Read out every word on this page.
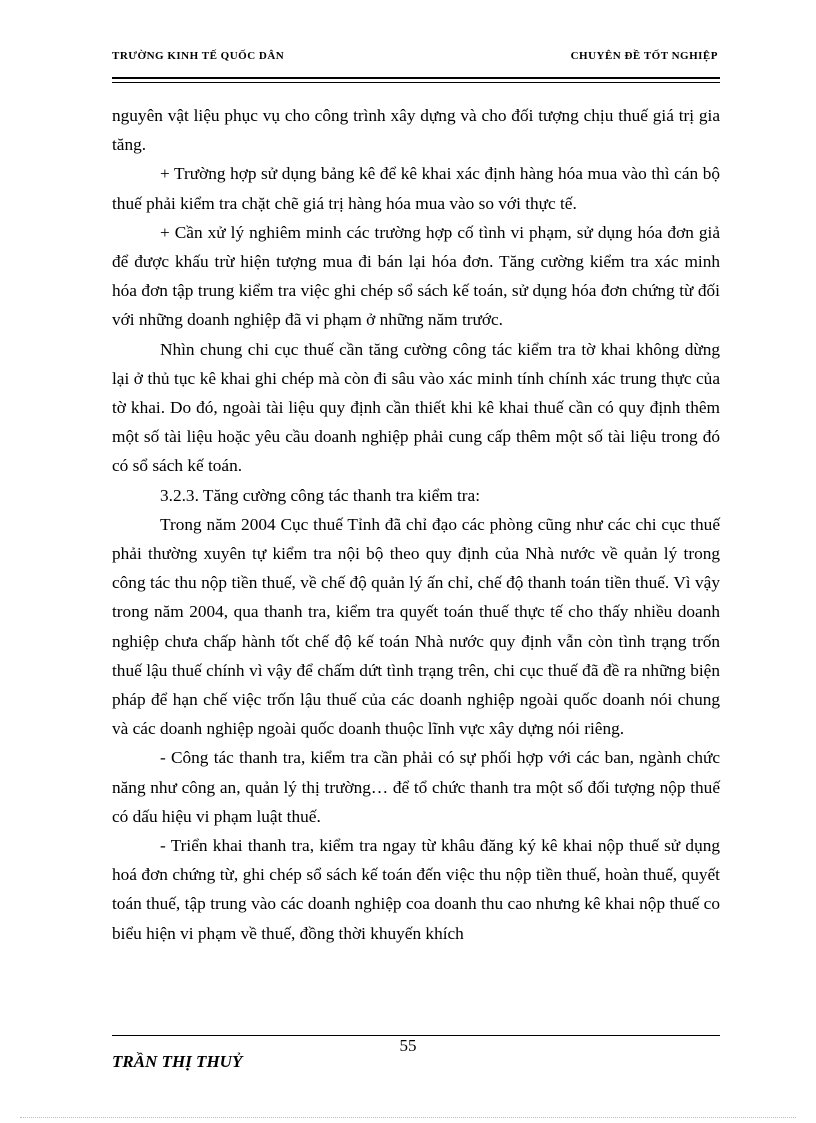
TRƯỜNG KINH TẾ QUỐC DÂN	CHUYÊN ĐỀ TỐT NGHIỆP

nguyên vật liệu phục vụ cho công trình xây dựng và cho đối tượng chịu thuế giá trị gia tăng.

+ Trường hợp sử dụng bảng kê để kê khai xác định hàng hóa mua vào thì cán bộ thuế phải kiểm tra chặt chẽ giá trị hàng hóa mua vào so với thực tế.

+ Cần xử lý nghiêm minh các trường hợp cố tình vi phạm, sử dụng hóa đơn giả để được khấu trừ hiện tượng mua đi bán lại hóa đơn. Tăng cường kiểm tra xác minh hóa đơn tập trung kiểm tra việc ghi chép sổ sách kế toán, sử dụng hóa đơn chứng từ đối với những doanh nghiệp đã vi phạm ở những năm trước.

Nhìn chung chi cục thuế cần tăng cường công tác kiểm tra tờ khai không dừng lại ở thủ tục kê khai ghi chép mà còn đi sâu vào xác minh tính chính xác trung thực của tờ khai. Do đó, ngoài tài liệu quy định cần thiết khi kê khai thuế cần có quy định thêm một số tài liệu hoặc yêu cầu doanh nghiệp phải cung cấp thêm một số tài liệu trong đó có sổ sách kế toán.

3.2.3. Tăng cường công tác thanh tra kiểm tra:

Trong năm 2004 Cục thuế Tỉnh đã chỉ đạo các phòng cũng như các chi cục thuế phải thường xuyên tự kiểm tra nội bộ theo quy định của Nhà nước về quản lý trong công tác thu nộp tiền thuế, về chế độ quản lý ấn chỉ, chế độ thanh toán tiền thuế. Vì vậy trong năm 2004, qua thanh tra, kiểm tra quyết toán thuế thực tế cho thấy nhiều doanh nghiệp chưa chấp hành tốt chế độ kế toán Nhà nước quy định vẫn còn tình trạng trốn thuế lậu thuế chính vì vậy để chấm dứt tình trạng trên, chi cục thuế đã đề ra những biện pháp để hạn chế việc trốn lậu thuế của các doanh nghiệp ngoài quốc doanh nói chung và các doanh nghiệp ngoài quốc doanh thuộc lĩnh vực xây dựng nói riêng.

- Công tác thanh tra, kiểm tra cần phải có sự phối hợp với các ban, ngành chức năng như công an, quản lý thị trường… để tổ chức thanh tra một số đối tượng nộp thuế có dấu hiệu vi phạm luật thuế.

- Triển khai thanh tra, kiểm tra ngay từ khâu đăng ký kê khai nộp thuế sử dụng hoá đơn chứng từ, ghi chép sổ sách kế toán đến việc thu nộp tiền thuế, hoàn thuế, quyết toán thuế, tập trung vào các doanh nghiệp coa doanh thu cao nhưng kê khai nộp thuế co biểu hiện vi phạm về thuế, đồng thời khuyến khích

55
TRẦN THỊ THUỶ
